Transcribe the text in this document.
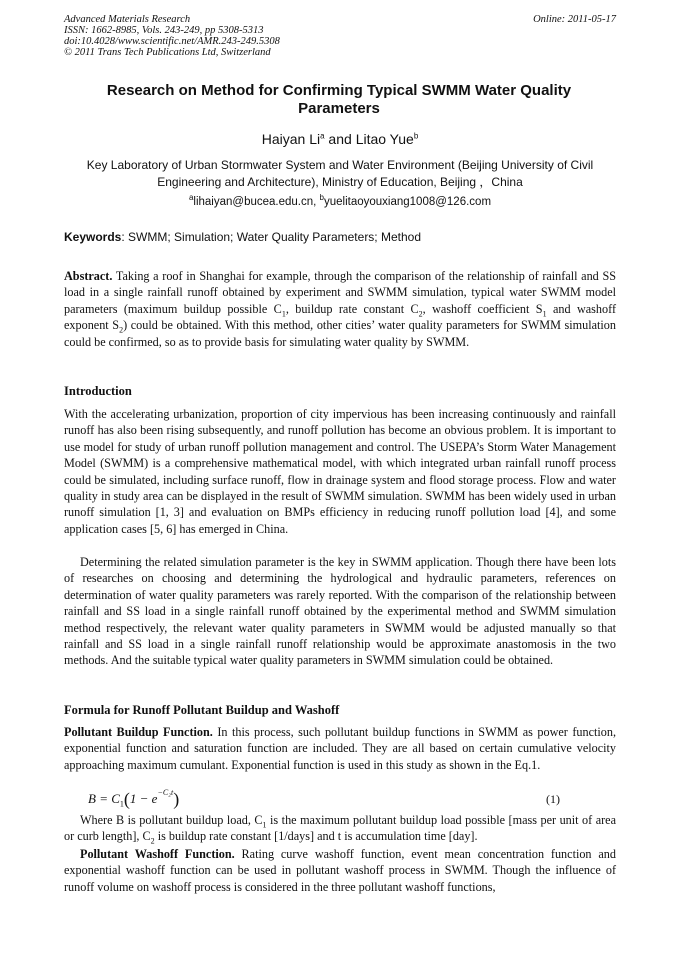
Advanced Materials Research
ISSN: 1662-8985, Vols. 243-249, pp 5308-5313
doi:10.4028/www.scientific.net/AMR.243-249.5308
© 2011 Trans Tech Publications Ltd, Switzerland
Online: 2011-05-17
Research on Method for Confirming Typical SWMM Water Quality Parameters
Haiyan Li$^a$ and Litao Yue$^b$
Key Laboratory of Urban Stormwater System and Water Environment (Beijing University of Civil Engineering and Architecture), Ministry of Education, Beijing ，China
$^a$lihaiyan@bucea.edu.cn, $^b$yuelitaoyouxiang1008@126.com
Keywords: SWMM; Simulation; Water Quality Parameters; Method

Abstract. Taking a roof in Shanghai for example, through the comparison of the relationship of rainfall and SS load in a single rainfall runoff obtained by experiment and SWMM simulation, typical water SWMM model parameters (maximum buildup possible $C_1$, buildup rate constant $C_2$, washoff coefficient $S_1$ and washoff exponent $S_2$) could be obtained. With this method, other cities’ water quality parameters for SWMM simulation could be confirmed, so as to provide basis for simulating water quality by SWMM.

Introduction

With the accelerating urbanization, proportion of city impervious has been increasing continuously and rainfall runoff has also been rising subsequently, and runoff pollution has become an obvious problem. It is important to use model for study of urban runoff pollution management and control. The USEPA’s Storm Water Management Model (SWMM) is a comprehensive mathematical model, with which integrated urban rainfall runoff process could be simulated, including surface runoff, flow in drainage system and flood storage process. Flow and water quality in study area can be displayed in the result of SWMM simulation. SWMM has been widely used in urban runoff simulation [1, 3] and evaluation on BMPs efficiency in reducing runoff pollution load [4], and some application cases [5, 6] has emerged in China.

Determining the related simulation parameter is the key in SWMM application. Though there have been lots of researches on choosing and determining the hydrological and hydraulic parameters, references on determination of water quality parameters was rarely reported. With the comparison of the relationship between rainfall and SS load in a single rainfall runoff obtained by the experimental method and SWMM simulation method respectively, the relevant water quality parameters in SWMM would be adjusted manually so that rainfall and SS load in a single rainfall runoff relationship would be approximate anastomosis in the two methods. And the suitable typical water quality parameters in SWMM simulation could be obtained.

Formula for Runoff Pollutant Buildup and Washoff

Pollutant Buildup Function. In this process, such pollutant buildup functions in SWMM as power function, exponential function and saturation function are included. They are all based on certain cumulative velocity approaching maximum cumulant. Exponential function is used in this study as shown in the Eq.1.

$B = C_1(1 - e^{-C_2t})$	(1)

Where B is pollutant buildup load, $C_1$ is the maximum pollutant buildup load possible [mass per unit of area or curb length], $C_2$ is buildup rate constant [1/days] and t is accumulation time [day].

Pollutant Washoff Function. Rating curve washoff function, event mean concentration function and exponential washoff function can be used in pollutant washoff process in SWMM. Though the influence of runoff volume on washoff process is considered in the three pollutant washoff functions,
